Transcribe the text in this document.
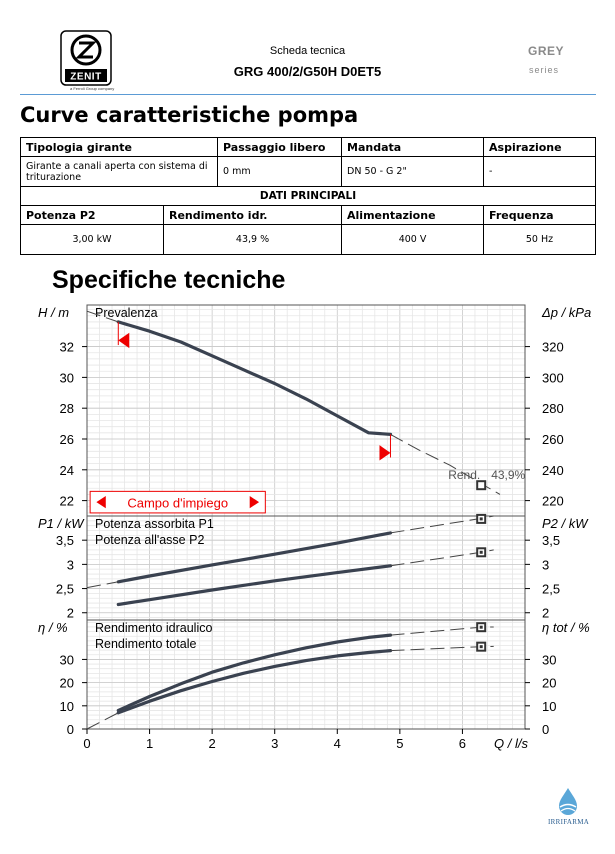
ZENIT
a Ferroli Group company
Scheda tecnica
GRG 400/2/G50H D0ET5
GREY
series
Curve caratteristiche pompa
Tipologia girante		Passaggio libero	Mandata	Aspirazione
Girante a canali aperta con sistema di triturazione		0 mm	DN 50 - G 2"	-
DATI PRINCIPALI				
Potenza P2	Rendimento idr.		Alimentazione	Frequenza
3,00 kW	43,9 %		400 V	50 Hz
Specifiche tecniche
22
24
26
28
30
32
220
240
260
280
300
320
H / m	Δp / kPa
Prevalenza
Rend. 43,9%
Campo d'impiego
2
2,5
3
3,5
2
2,5
3
3,5
P1 / kW	P2 / kW
Potenza assorbita P1
Potenza all'asse P2
0
10
20
30
0
10
20
30
η / %	η tot / %
Rendimento idraulico
Rendimento totale
0	1	2	3	4	5	6 Q / l/s
IRRIFARMA
